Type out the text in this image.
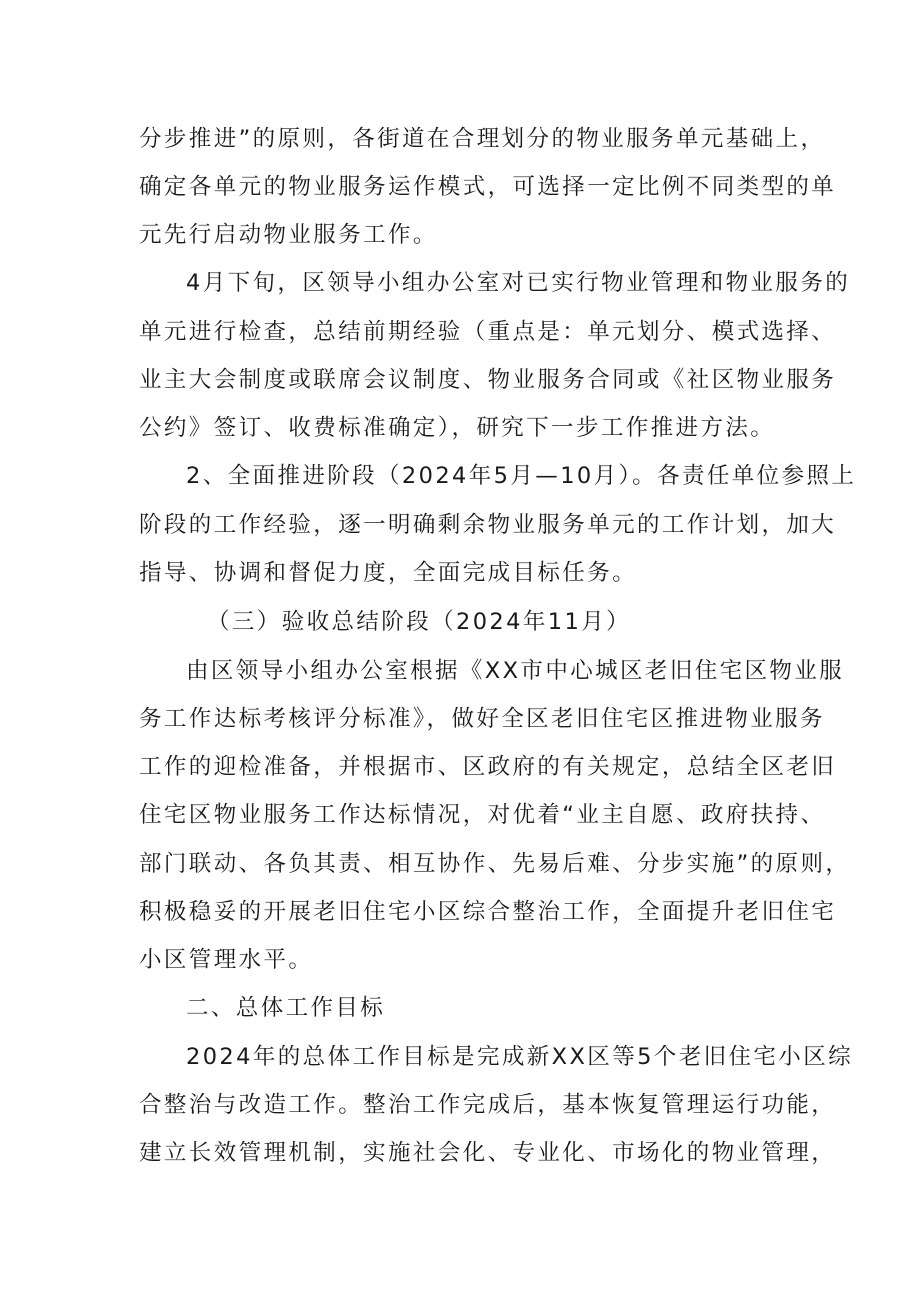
分步推进”的原则，各街道在合理划分的物业服务单元基础上，
确定各单元的物业服务运作模式，可选择一定比例不同类型的单
元先行启动物业服务工作。
4月下旬，区领导小组办公室对已实行物业管理和物业服务的
单元进行检查，总结前期经验（重点是：单元划分、模式选择、
业主大会制度或联席会议制度、物业服务合同或《社区物业服务
公约》签订、收费标准确定），研究下一步工作推进方法。
2、全面推进阶段（2024年5月—10月）。各责任单位参照上
阶段的工作经验，逐一明确剩余物业服务单元的工作计划，加大
指导、协调和督促力度，全面完成目标任务。
（三）验收总结阶段（2024年11月）
由区领导小组办公室根据《XX市中心城区老旧住宅区物业服
务工作达标考核评分标准》，做好全区老旧住宅区推进物业服务
工作的迎检准备，并根据市、区政府的有关规定，总结全区老旧
住宅区物业服务工作达标情况，对优着“业主自愿、政府扶持、
部门联动、各负其责、相互协作、先易后难、分步实施”的原则，
积极稳妥的开展老旧住宅小区综合整治工作，全面提升老旧住宅
小区管理水平。
二、总体工作目标
2024年的总体工作目标是完成新XX区等5个老旧住宅小区综
合整治与改造工作。整治工作完成后，基本恢复管理运行功能，
建立长效管理机制，实施社会化、专业化、市场化的物业管理，
